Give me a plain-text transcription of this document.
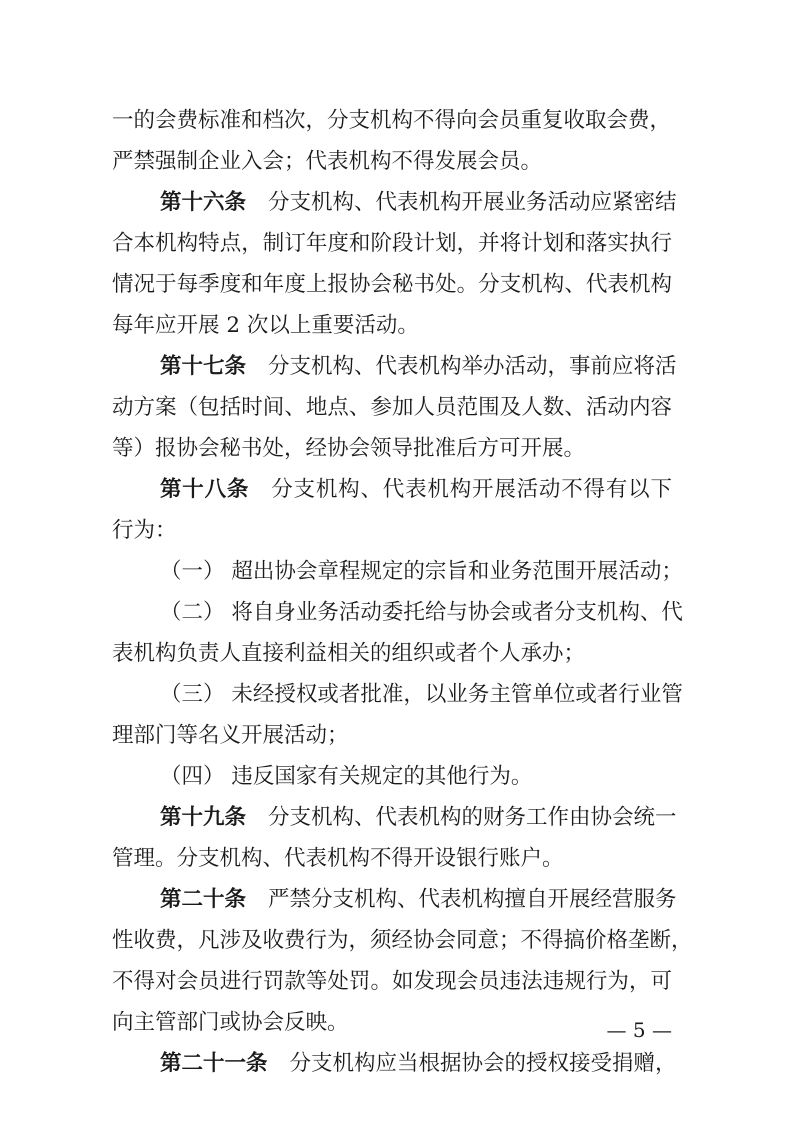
一的会费标准和档次，分支机构不得向会员重复收取会费，
严禁强制企业入会；代表机构不得发展会员。
第十六条 分支机构、代表机构开展业务活动应紧密结
合本机构特点，制订年度和阶段计划，并将计划和落实执行
情况于每季度和年度上报协会秘书处。分支机构、代表机构
每年应开展 2 次以上重要活动。
第十七条 分支机构、代表机构举办活动，事前应将活
动方案（包括时间、地点、参加人员范围及人数、活动内容
等）报协会秘书处，经协会领导批准后方可开展。
第十八条 分支机构、代表机构开展活动不得有以下
行为：
（一） 超出协会章程规定的宗旨和业务范围开展活动；
（二） 将自身业务活动委托给与协会或者分支机构、代
表机构负责人直接利益相关的组织或者个人承办；
（三） 未经授权或者批准，以业务主管单位或者行业管
理部门等名义开展活动；
（四） 违反国家有关规定的其他行为。
第十九条 分支机构、代表机构的财务工作由协会统一
管理。分支机构、代表机构不得开设银行账户。
第二十条 严禁分支机构、代表机构擅自开展经营服务
性收费，凡涉及收费行为，须经协会同意；不得搞价格垄断，
不得对会员进行罚款等处罚。如发现会员违法违规行为，可
向主管部门或协会反映。
第二十一条 分支机构应当根据协会的授权接受捐赠，
— 5 —
